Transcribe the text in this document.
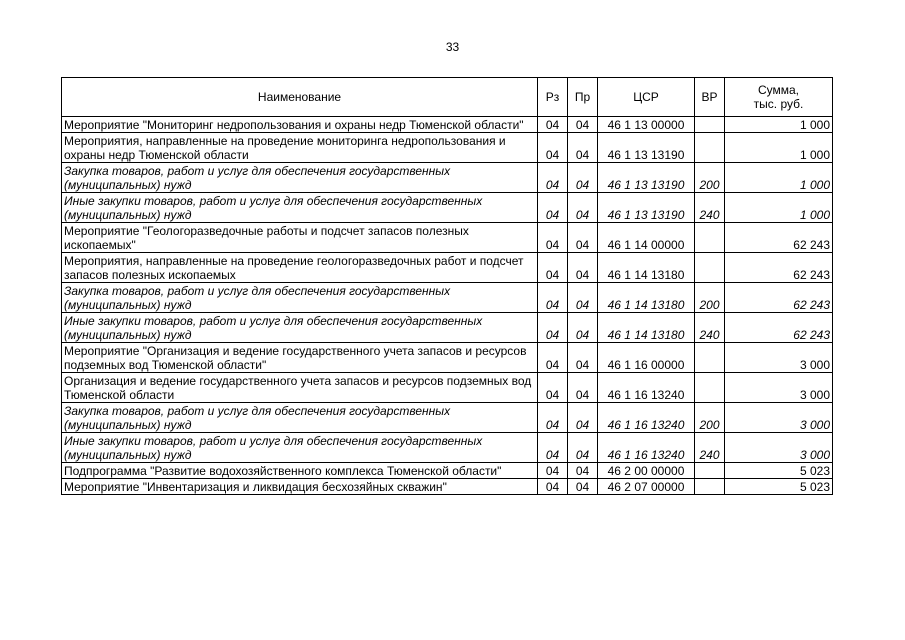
33
Наименование	Рз	Пр	ЦСР	ВР	Сумма,
тыс. руб.

Мероприятие "Мониторинг недропользования и охраны недр Тюменской области"	04	04	46 1 13 00000		1 000
Мероприятия, направленные на проведение мониторинга недропользования и охраны недр Тюменской области	04	04	46 1 13 13190		1 000
Закупка товаров, работ и услуг для обеспечения государственных (муниципальных) нужд	04	04	46 1 13 13190	200	1 000
Иные закупки товаров, работ и услуг для обеспечения государственных (муниципальных) нужд	04	04	46 1 13 13190	240	1 000
Мероприятие "Геологоразведочные работы и подсчет запасов полезных ископаемых"	04	04	46 1 14 00000		62 243
Мероприятия, направленные на проведение геологоразведочных работ и подсчет запасов полезных ископаемых	04	04	46 1 14 13180		62 243
Закупка товаров, работ и услуг для обеспечения государственных (муниципальных) нужд	04	04	46 1 14 13180	200	62 243
Иные закупки товаров, работ и услуг для обеспечения государственных (муниципальных) нужд	04	04	46 1 14 13180	240	62 243
Мероприятие "Организация и ведение государственного учета запасов и ресурсов подземных вод Тюменской области"	04	04	46 1 16 00000		3 000
Организация и ведение государственного учета запасов и ресурсов подземных вод Тюменской области	04	04	46 1 16 13240		3 000
Закупка товаров, работ и услуг для обеспечения государственных (муниципальных) нужд	04	04	46 1 16 13240	200	3 000
Иные закупки товаров, работ и услуг для обеспечения государственных (муниципальных) нужд	04	04	46 1 16 13240	240	3 000
Подпрограмма "Развитие водохозяйственного комплекса Тюменской области"	04	04	46 2 00 00000		5 023
Мероприятие "Инвентаризация и ликвидация бесхозяйных скважин"	04	04	46 2 07 00000		5 023
